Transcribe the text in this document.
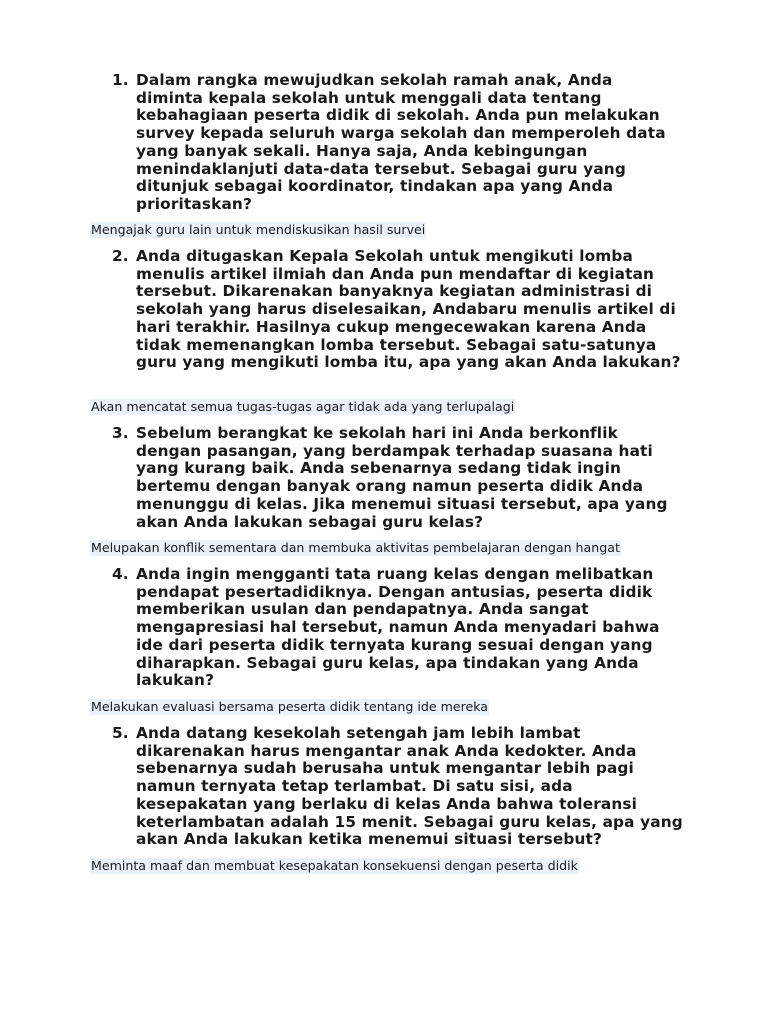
1. Dalam rangka mewujudkan sekolah ramah anak, Anda diminta kepala sekolah untuk menggali data tentang kebahagiaan peserta didik di sekolah. Anda pun melakukan survey kepada seluruh warga sekolah dan memperoleh data yang banyak sekali. Hanya saja, Anda kebingungan menindaklanjuti data-data tersebut. Sebagai guru yang ditunjuk sebagai koordinator, tindakan apa yang Anda prioritaskan?
Mengajak guru lain untuk mendiskusikan hasil survei
2. Anda ditugaskan Kepala Sekolah untuk mengikuti lomba menulis artikel ilmiah dan Anda pun mendaftar di kegiatan tersebut. Dikarenakan banyaknya kegiatan administrasi di sekolah yang harus diselesaikan, Andabaru menulis artikel di hari terakhir. Hasilnya cukup mengecewakan karena Anda tidak memenangkan lomba tersebut. Sebagai satu-satunya guru yang mengikuti lomba itu, apa yang akan Anda lakukan?
Akan mencatat semua tugas-tugas agar tidak ada yang terlupalagi
3. Sebelum berangkat ke sekolah hari ini Anda berkonflik dengan pasangan, yang berdampak terhadap suasana hati yang kurang baik. Anda sebenarnya sedang tidak ingin bertemu dengan banyak orang namun peserta didik Anda menunggu di kelas. Jika menemui situasi tersebut, apa yang akan Anda lakukan sebagai guru kelas?
Melupakan konflik sementara dan membuka aktivitas pembelajaran dengan hangat
4. Anda ingin mengganti tata ruang kelas dengan melibatkan pendapat pesertadidiknya. Dengan antusias, peserta didik memberikan usulan dan pendapatnya. Anda sangat mengapresiasi hal tersebut, namun Anda menyadari bahwa ide dari peserta didik ternyata kurang sesuai dengan yang diharapkan. Sebagai guru kelas, apa tindakan yang Anda lakukan?
Melakukan evaluasi bersama peserta didik tentang ide mereka
5. Anda datang kesekolah setengah jam lebih lambat dikarenakan harus mengantar anak Anda kedokter. Anda sebenarnya sudah berusaha untuk mengantar lebih pagi namun ternyata tetap terlambat. Di satu sisi, ada kesepakatan yang berlaku di kelas Anda bahwa toleransi keterlambatan adalah 15 menit. Sebagai guru kelas, apa yang akan Anda lakukan ketika menemui situasi tersebut?
Meminta maaf dan membuat kesepakatan konsekuensi dengan peserta didik
